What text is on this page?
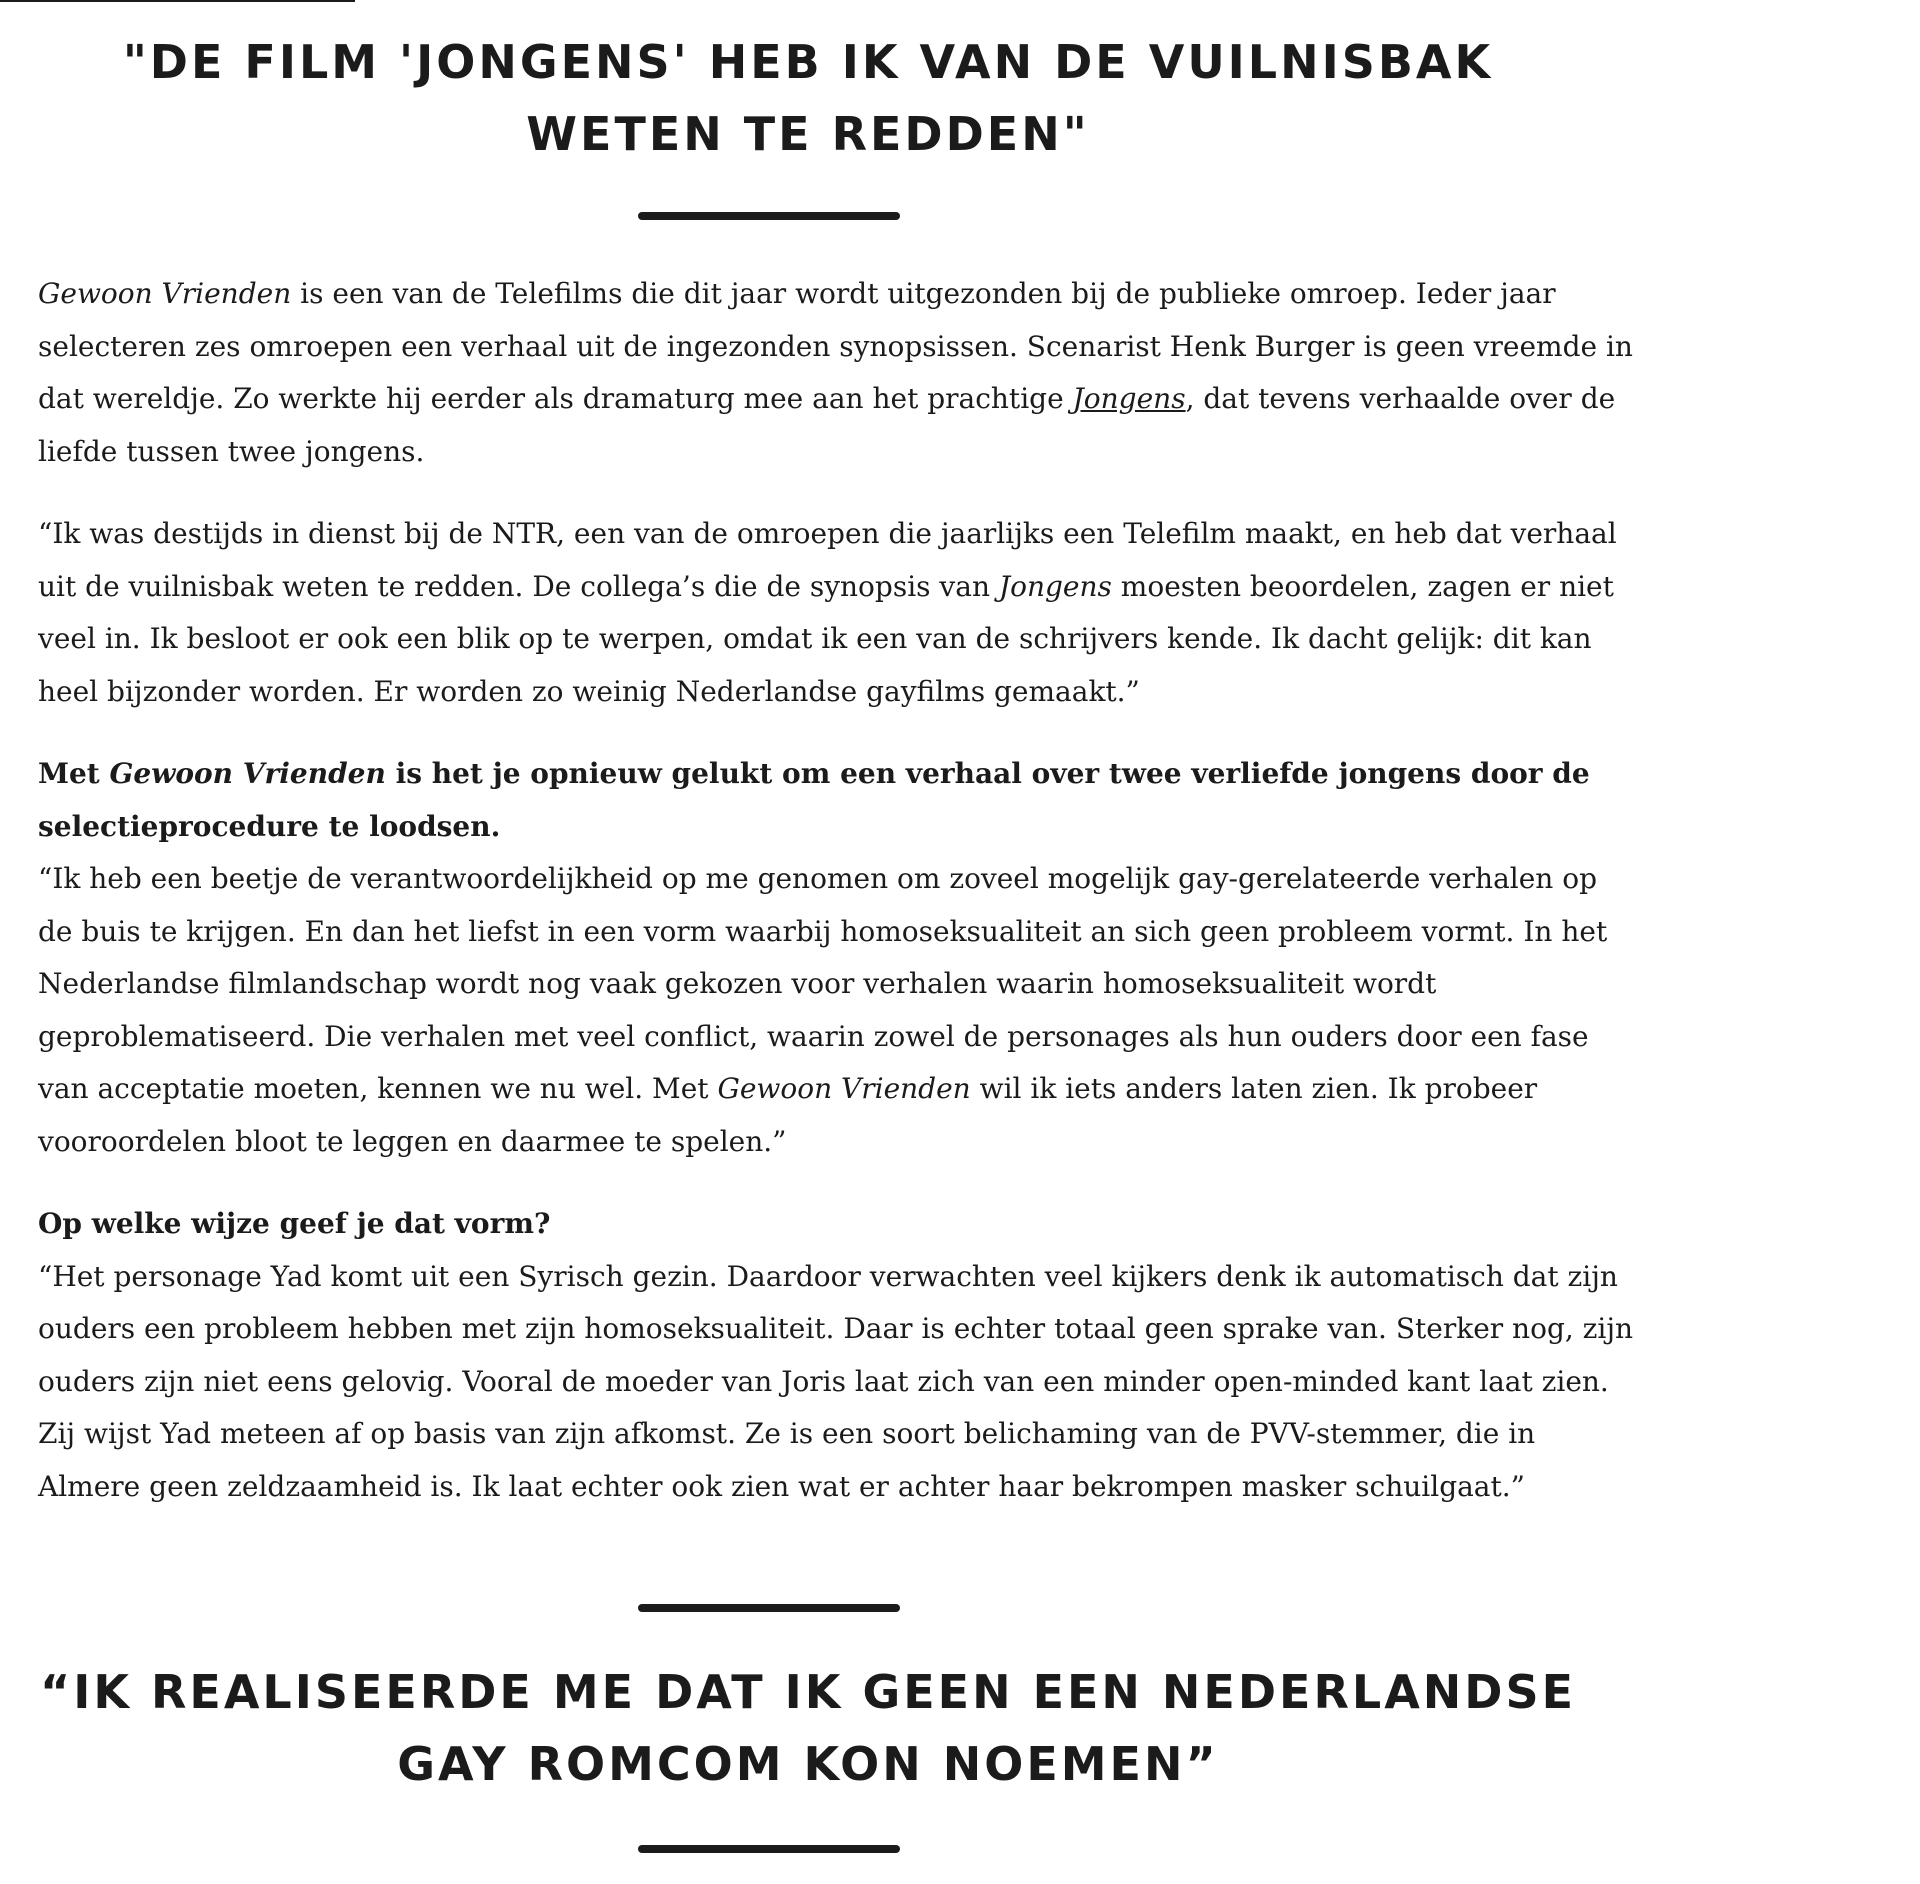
"DE FILM 'JONGENS' HEB IK VAN DE VUILNISBAK WETEN TE REDDEN"

Gewoon Vrienden is een van de Telefilms die dit jaar wordt uitgezonden bij de publieke omroep. Ieder jaar selecteren zes omroepen een verhaal uit de ingezonden synopsissen. Scenarist Henk Burger is geen vreemde in dat wereldje. Zo werkte hij eerder als dramaturg mee aan het prachtige Jongens, dat tevens verhaalde over de liefde tussen twee jongens.

“Ik was destijds in dienst bij de NTR, een van de omroepen die jaarlijks een Telefilm maakt, en heb dat verhaal uit de vuilnisbak weten te redden. De collega’s die de synopsis van Jongens moesten beoordelen, zagen er niet veel in. Ik besloot er ook een blik op te werpen, omdat ik een van de schrijvers kende. Ik dacht gelijk: dit kan heel bijzonder worden. Er worden zo weinig Nederlandse gayfilms gemaakt.”

Met Gewoon Vrienden is het je opnieuw gelukt om een verhaal over twee verliefde jongens door de selectieprocedure te loodsen.
“Ik heb een beetje de verantwoordelijkheid op me genomen om zoveel mogelijk gay-gerelateerde verhalen op de buis te krijgen. En dan het liefst in een vorm waarbij homoseksualiteit an sich geen probleem vormt. In het Nederlandse filmlandschap wordt nog vaak gekozen voor verhalen waarin homoseksualiteit wordt geproblematiseerd. Die verhalen met veel conflict, waarin zowel de personages als hun ouders door een fase van acceptatie moeten, kennen we nu wel. Met Gewoon Vrienden wil ik iets anders laten zien. Ik probeer vooroordelen bloot te leggen en daarmee te spelen.”

Op welke wijze geef je dat vorm?
“Het personage Yad komt uit een Syrisch gezin. Daardoor verwachten veel kijkers denk ik automatisch dat zijn ouders een probleem hebben met zijn homoseksualiteit. Daar is echter totaal geen sprake van. Sterker nog, zijn ouders zijn niet eens gelovig. Vooral de moeder van Joris laat zich van een minder open-minded kant laat zien. Zij wijst Yad meteen af op basis van zijn afkomst. Ze is een soort belichaming van de PVV-stemmer, die in Almere geen zeldzaamheid is. Ik laat echter ook zien wat er achter haar bekrompen masker schuilgaat.”

“IK REALISEERDE ME DAT IK GEEN EEN NEDERLANDSE GAY ROMCOM KON NOEMEN”
